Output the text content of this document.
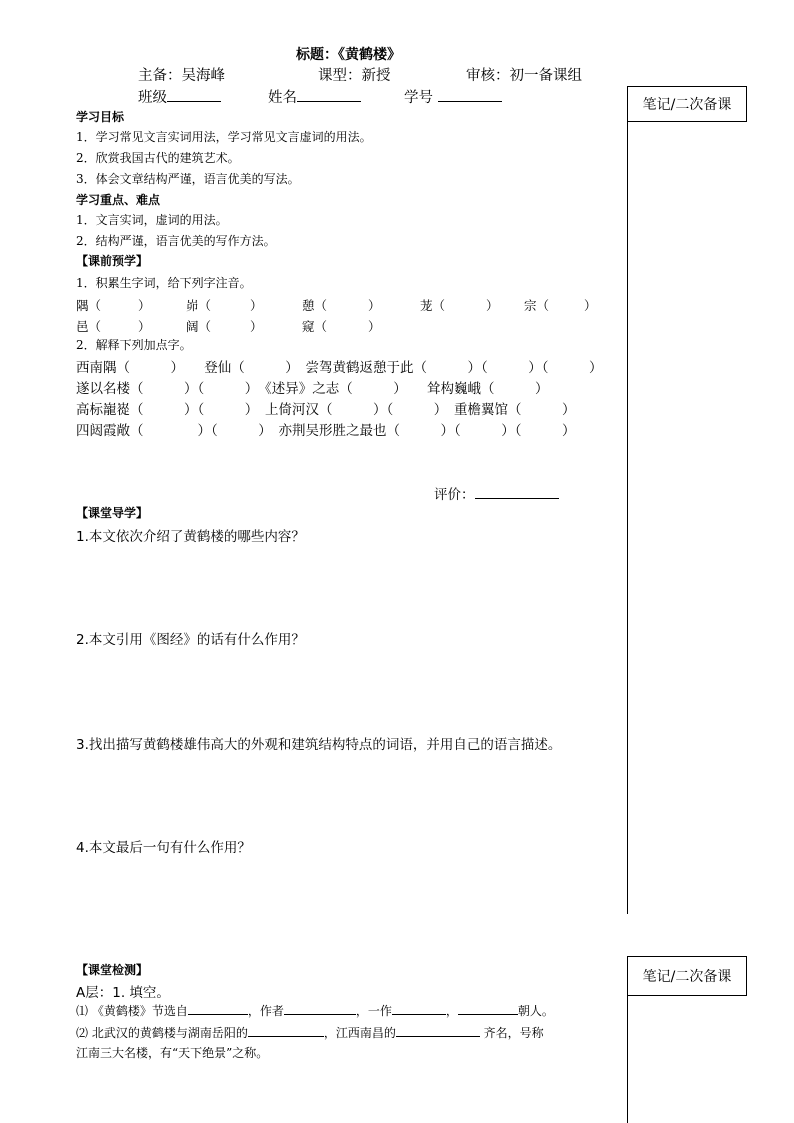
标题：《黄鹤楼》
主备：吴海峰	课型：新授	审核：初一备课组
班级	姓名	学号	笔记/二次备课
笔记/二次备课
学习目标
1．学习常见文言实词用法，学习常见文言虚词的用法。
2．欣赏我国古代的建筑艺术。
3．体会文章结构严谨，语言优美的写法。
学习重点、难点
1．文言实词，虚词的用法。
2．结构严谨，语言优美的写作方法。
【课前预学】
1．积累生字词，给下列字注音。
隅（	）	峁（	）	憩（	）	茏（	） 宗（	）
邑（	）	阔（	）	窥（	）
2．解释下列加点字。
西南隅（　　　）　　登仙（　　　）　尝驾黄鹤返憩于此（　　　）（　　　）（　　　）
遂以名楼（　　　）（　　　）　《述异》之志（　　　）　　耸构巍峨（　　　）
高标巃嵸（　　　）（　　　）　上倚河汉（　　　）（　　　）　重檐翼馆（　　　）
四闼霞敞（　　　　）（　　　）　亦荆吴形胜之最也（　　　）（　　　）（　　　）
评价：
【课堂导学】
1.本文依次介绍了黄鹤楼的哪些内容？
2.本文引用《图经》的话有什么作用？
3.找出描写黄鹤楼雄伟高大的外观和建筑结构特点的词语，并用自己的语言描述。
4.本文最后一句有什么作用？
【课堂检测】
A层：1. 填空。
⑴ 《黄鹤楼》节选自	，作者	，一作	，	朝人。
⑵ 北武汉的黄鹤楼与湖南岳阳的	，江西南昌的	齐名，号称
江南三大名楼，有“天下绝景”之称。
